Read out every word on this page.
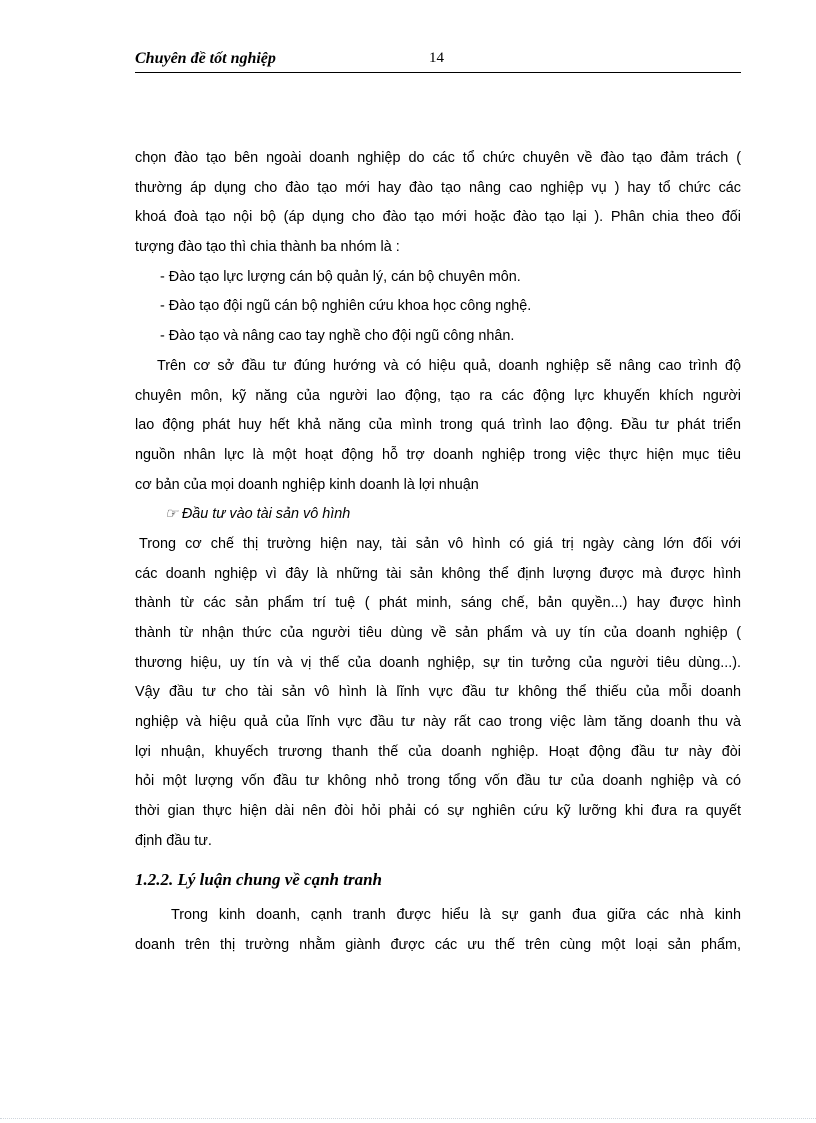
Chuyên đề tốt nghiệp	14
chọn đào tạo bên ngoài doanh nghiệp do các tổ chức chuyên về đào tạo đảm trách (
thường áp dụng cho đào tạo mới hay đào tạo nâng cao nghiệp vụ ) hay tổ chức các
khoá đoà tạo nội bộ (áp dụng cho đào tạo mới hoặc đào tạo lại ). Phân chia theo đối
tượng đào tạo thì chia thành ba nhóm là :
- Đào tạo lực lượng cán bộ quản lý, cán bộ chuyên môn.
- Đào tạo đội ngũ cán bộ nghiên cứu khoa học công nghệ.
- Đào tạo và nâng cao tay nghề cho đội ngũ công nhân.
Trên cơ sở đầu tư đúng hướng và có hiệu quả, doanh nghiệp sẽ nâng cao trình độ
chuyên môn, kỹ năng của người lao động, tạo ra các động lực khuyến khích người
lao động phát huy hết khả năng của mình trong quá trình lao động. Đầu tư phát triển
nguồn nhân lực là một hoạt động hỗ trợ doanh nghiệp trong việc thực hiện mục tiêu
cơ bản của mọi doanh nghiệp kinh doanh là lợi nhuận
☞ Đầu tư vào tài sản vô hình
Trong cơ chế thị trường hiện nay, tài sản vô hình có giá trị ngày càng lớn đối với
các doanh nghiệp vì đây là những tài sản không thể định lượng được mà được hình
thành từ các sản phẩm trí tuệ ( phát minh, sáng chế, bản quyền...) hay được hình
thành từ nhận thức của người tiêu dùng về sản phẩm và uy tín của doanh nghiệp (
thương hiệu, uy tín và vị thế của doanh nghiệp, sự tin tưởng của người tiêu dùng...).
Vậy đầu tư cho tài sản vô hình là lĩnh vực đầu tư không thể thiếu của mỗi doanh
nghiệp và hiệu quả của lĩnh vực đầu tư này rất cao trong việc làm tăng doanh thu và
lợi nhuận, khuyếch trương thanh thế của doanh nghiệp. Hoạt động đầu tư này đòi
hỏi một lượng vốn đầu tư không nhỏ trong tổng vốn đầu tư của doanh nghiệp và có
thời gian thực hiện dài nên đòi hỏi phải có sự nghiên cứu kỹ lưỡng khi đưa ra quyết
định đầu tư.
1.2.2. Lý luận chung về cạnh tranh
Trong kinh doanh, cạnh tranh được hiểu là sự ganh đua giữa các nhà kinh
doanh trên thị trường nhằm giành được các ưu thế trên cùng một loại sản phẩm,
